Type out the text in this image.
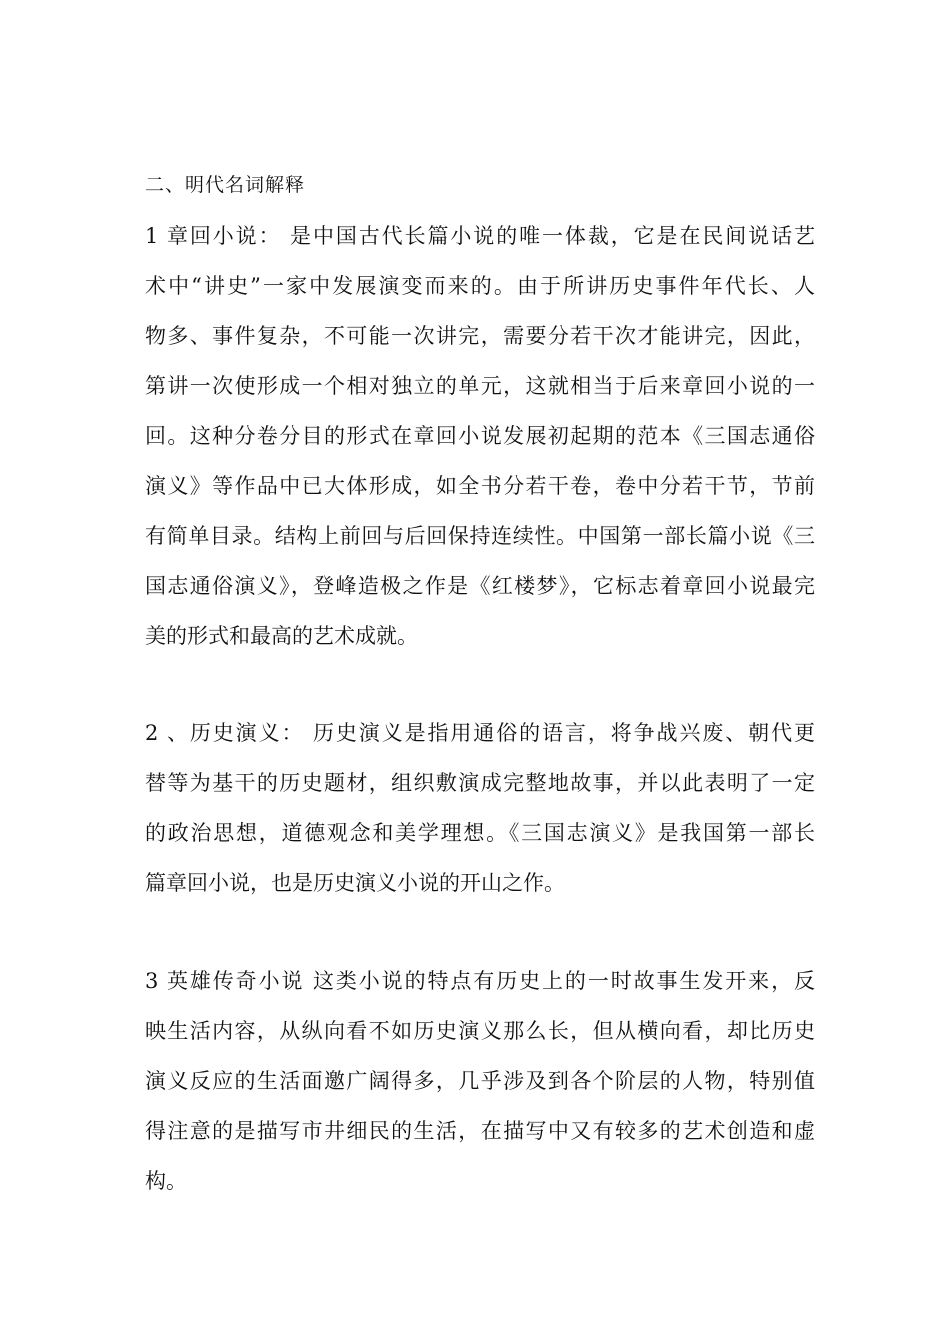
二、明代名词解释
1 章回小说： 是中国古代长篇小说的唯一体裁，它是在民间说话艺
术中“讲史”一家中发展演变而来的。由于所讲历史事件年代长、人
物多、事件复杂，不可能一次讲完，需要分若干次才能讲完，因此，
第讲一次使形成一个相对独立的单元，这就相当于后来章回小说的一
回。这种分卷分目的形式在章回小说发展初起期的范本《三国志通俗
演义》等作品中已大体形成，如全书分若干卷，卷中分若干节，节前
有简单目录。结构上前回与后回保持连续性。中国第一部长篇小说《三
国志通俗演义》，登峰造极之作是《红楼梦》，它标志着章回小说最完
美的形式和最高的艺术成就。
2 、历史演义： 历史演义是指用通俗的语言，将争战兴废、朝代更
替等为基干的历史题材，组织敷演成完整地故事，并以此表明了一定
的政治思想，道德观念和美学理想。《三国志演义》是我国第一部长
篇章回小说，也是历史演义小说的开山之作。
3 英雄传奇小说 这类小说的特点有历史上的一时故事生发开来，反
映生活内容，从纵向看不如历史演义那么长，但从横向看，却比历史
演义反应的生活面邀广阔得多，几乎涉及到各个阶层的人物，特别值
得注意的是描写市井细民的生活，在描写中又有较多的艺术创造和虚
构。
